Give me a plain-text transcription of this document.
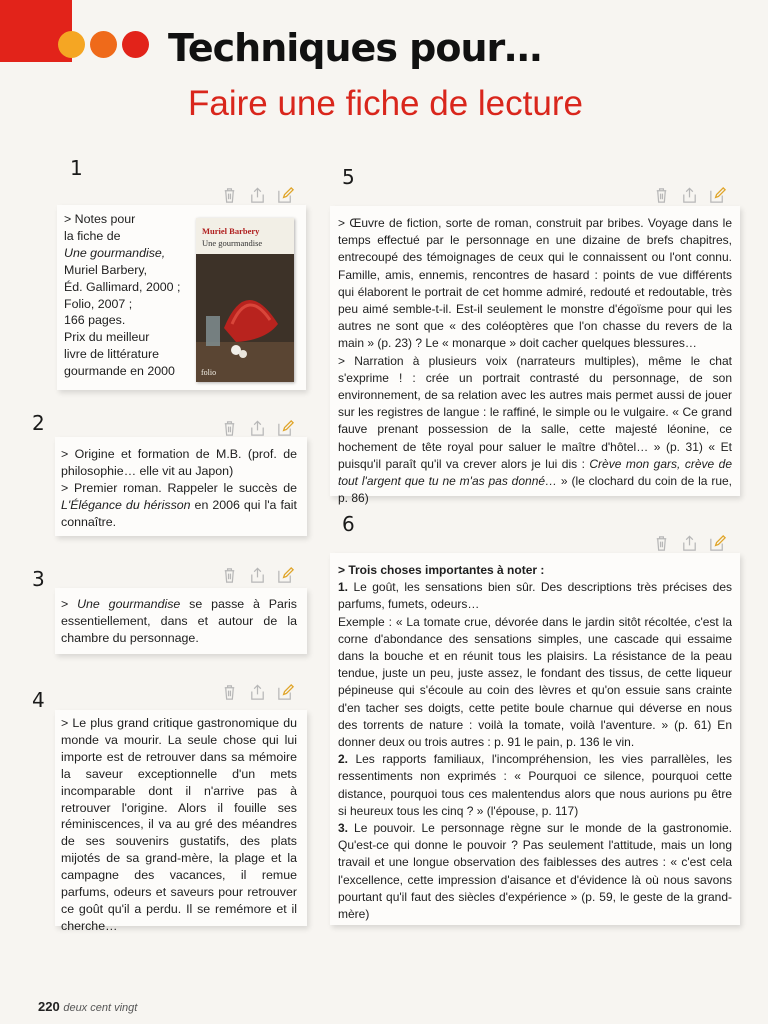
Techniques pour…
Faire une fiche de lecture
1

> Notes pour

la fiche de

Une gourmandise,

Muriel Barbery,

Éd. Gallimard, 2000 ;

Folio, 2007 ;

166 pages.

Prix du meilleur

livre de littérature

gourmande en 2000

Muriel Barbery
Une gourmandise
folio
2

> Origine et formation de M.B. (prof. de philosophie… elle vit au Japon)

> Premier roman. Rappeler le succès de L'Élégance du hérisson en 2006 qui l'a fait connaître.

3

> Une gourmandise se passe à Paris essentiellement, dans et autour de la chambre du personnage.

4

> Le plus grand critique gastronomique du monde va mourir. La seule chose qui lui importe est de retrouver dans sa mémoire la saveur exceptionnelle d'un mets incomparable dont il n'arrive pas à retrouver l'origine. Alors il fouille ses réminiscences, il va au gré des méandres de ses souvenirs gustatifs, des plats mijotés de sa grand-mère, la plage et la campagne des vacances, il remue parfums, odeurs et saveurs pour retrouver ce goût qu'il a perdu. Il se remémore et il cherche…

5

> Œuvre de fiction, sorte de roman, construit par bribes. Voyage dans le temps effectué par le personnage en une dizaine de brefs chapitres, entrecoupé des témoignages de ceux qui le connaissent ou l'ont connu. Famille, amis, ennemis, rencontres de hasard : points de vue différents qui élaborent le portrait de cet homme admiré, redouté et redoutable, très peu aimé semble-t-il. Est-il seulement le monstre d'égoïsme pour qui les autres ne sont que « des coléoptères que l'on chasse du revers de la main » (p. 23) ? Le « monarque » doit cacher quelques blessures…

> Narration à plusieurs voix (narrateurs multiples), même le chat s'exprime ! : crée un portrait contrasté du personnage, de son environnement, de sa relation avec les autres mais permet aussi de jouer sur les registres de langue : le raffiné, le simple ou le vulgaire. « Ce grand fauve prenant possession de la salle, cette majesté léonine, ce hochement de tête royal pour saluer le maître d'hôtel… » (p. 31) « Et puisqu'il paraît qu'il va crever alors je lui dis : Crève mon gars, crève de tout l'argent que tu ne m'as pas donné… » (le clochard du coin de la rue, p. 86)

6

> Trois choses importantes à noter :

1. Le goût, les sensations bien sûr. Des descriptions très précises des parfums, fumets, odeurs…

Exemple : « La tomate crue, dévorée dans le jardin sitôt récoltée, c'est la corne d'abondance des sensations simples, une cascade qui essaime dans la bouche et en réunit tous les plaisirs. La résistance de la peau tendue, juste un peu, juste assez, le fondant des tissus, de cette liqueur pépineuse qui s'écoule au coin des lèvres et qu'on essuie sans crainte d'en tacher ses doigts, cette petite boule charnue qui déverse en nous des torrents de nature : voilà la tomate, voilà l'aventure. » (p. 61) En donner deux ou trois autres : p. 91 le pain, p. 136 le vin.

2. Les rapports familiaux, l'incompréhension, les vies parrallèles, les ressentiments non exprimés : « Pourquoi ce silence, pourquoi cette distance, pourquoi tous ces malentendus alors que nous aurions pu être si heureux tous les cinq ? » (l'épouse, p. 117)

3. Le pouvoir. Le personnage règne sur le monde de la gastronomie. Qu'est-ce qui donne le pouvoir ? Pas seulement l'attitude, mais un long travail et une longue observation des faiblesses des autres : « c'est cela l'excellence, cette impression d'aisance et d'évidence là où nous savons pourtant qu'il faut des siècles d'expérience » (p. 59, le geste de la grand-mère)

220 deux cent vingt
